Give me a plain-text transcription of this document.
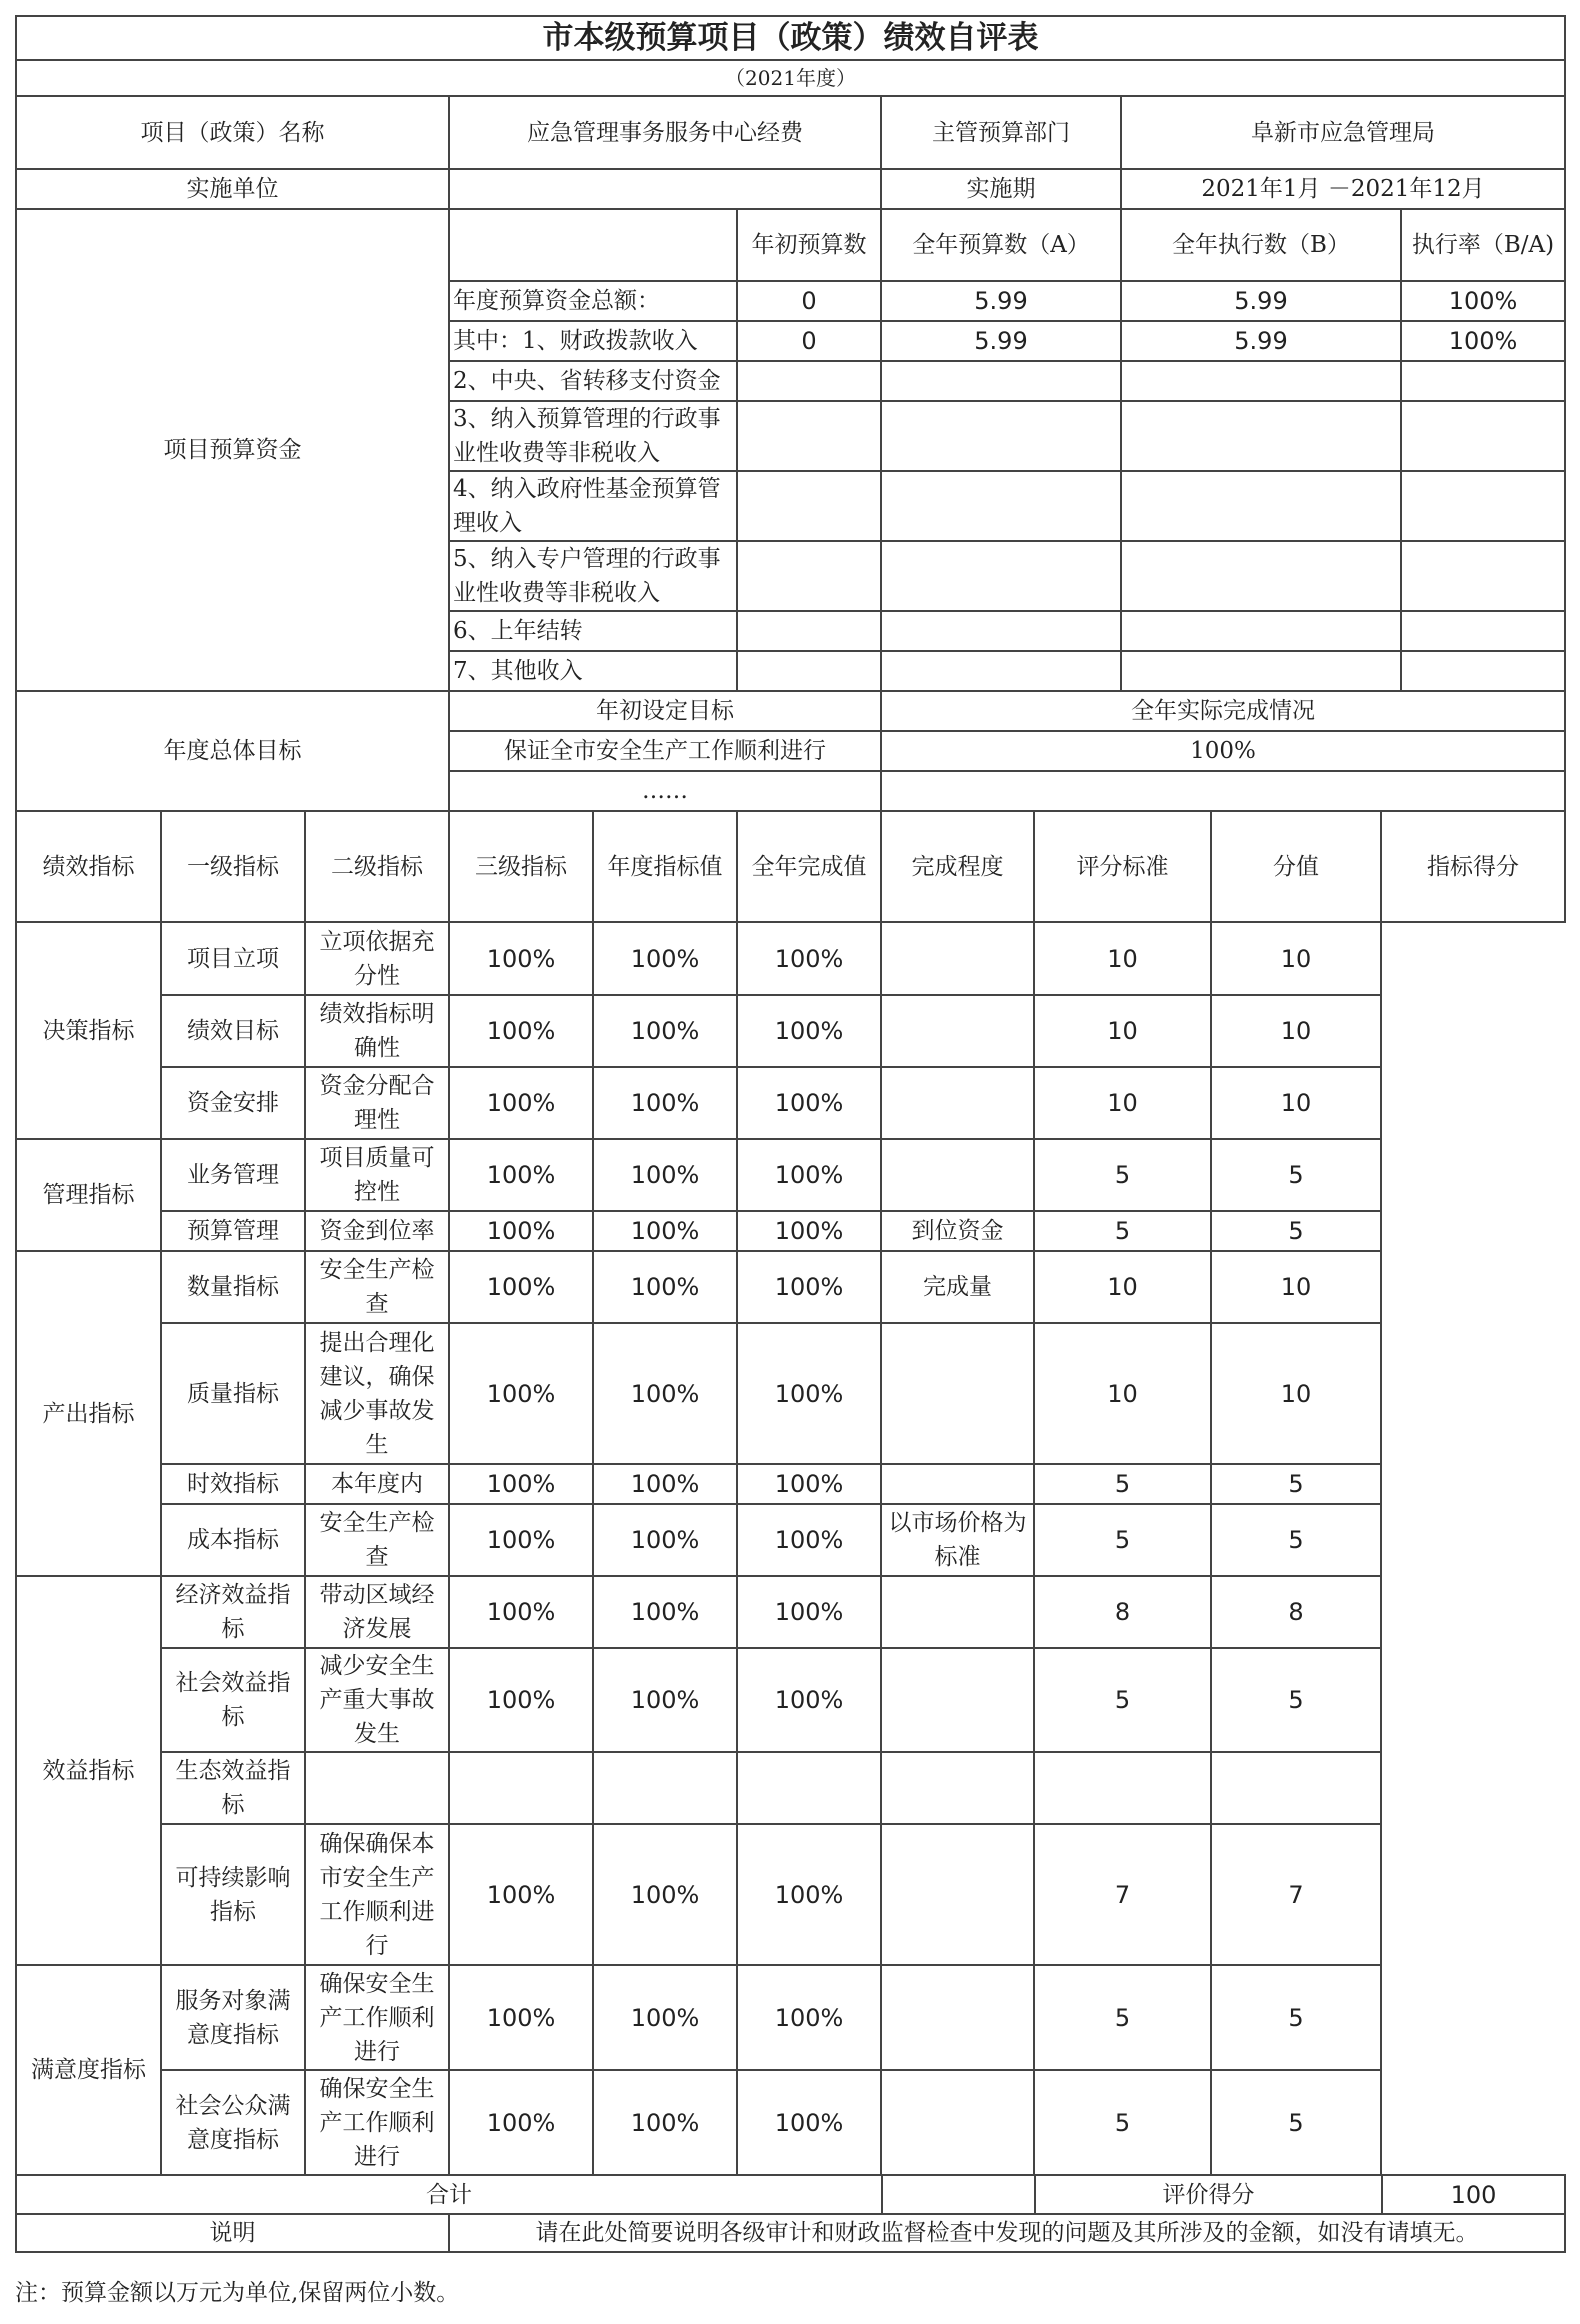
市本级预算项目（政策）绩效自评表					
（2021年度）					
项目（政策）名称	应急管理事务服务中心经费		主管预算部门	阜新市应急管理局	
实施单位			实施期	2021年1月 －2021年12月	
项目预算资金		年初预算数	全年预算数（A）	全年执行数（B）	执行率（B/A)
	年度预算资金总额：	0	5.99	5.99	100%
	其中：1、财政拨款收入	0	5.99	5.99	100%
	2、中央、省转移支付资金				
	3、纳入预算管理的行政事业性收费等非税收入				
	4、纳入政府性基金预算管理收入				
	5、纳入专户管理的行政事业性收费等非税收入				
	6、上年结转				
	7、其他收入				
年度总体目标	年初设定目标		全年实际完成情况		
	保证全市安全生产工作顺利进行		100%		
	……				
绩效指标	一级指标	二级指标	三级指标	年度指标值	全年完成值	完成程度	评分标准	分值	指标得分
决策指标	项目立项	立项依据充分性	100%	100%	100%		10	10	
	绩效目标	绩效指标明确性	100%	100%	100%		10	10	
	资金安排	资金分配合理性	100%	100%	100%		10	10	
管理指标	业务管理	项目质量可控性	100%	100%	100%		5	5	
	预算管理	资金到位率	100%	100%	100%	到位资金	5	5	
产出指标	数量指标	安全生产检查	100%	100%	100%	完成量	10	10	
	质量指标	提出合理化建议，确保减少事故发生	100%	100%	100%		10	10	
	时效指标	本年度内	100%	100%	100%		5	5	
	成本指标	安全生产检查	100%	100%	100%	以市场价格为标准	5	5	
效益指标	经济效益指标	带动区域经济发展	100%	100%	100%		8	8	
	社会效益指标	减少安全生产重大事故发生	100%	100%	100%		5	5	
	生态效益指标								
	可持续影响指标	确保确保本市安全生产工作顺利进行	100%	100%	100%		7	7	
满意度指标	服务对象满意度指标	确保安全生产工作顺利进行	100%	100%	100%		5	5	
	社会公众满意度指标	确保安全生产工作顺利进行	100%	100%	100%		5	5	
合计		评价得分	100
说明	请在此处简要说明各级审计和财政监督检查中发现的问题及其所涉及的金额，如没有请填无。
注：预算金额以万元为单位,保留两位小数。
